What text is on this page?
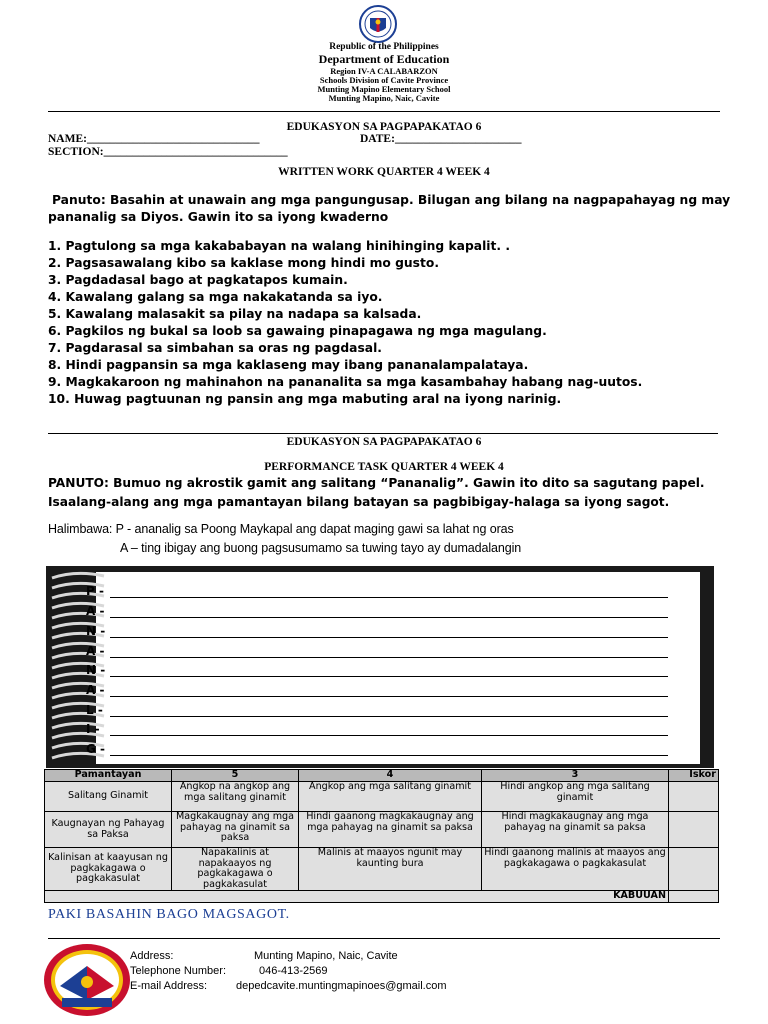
Republic of the Philippines
Department of Education
Region IV-A CALABARZON
Schools Division of Cavite Province
Munting Mapino Elementary School
Munting Mapino, Naic, Cavite
EDUKASYON SA PAGPAPAKATAO 6
NAME:______________________________	DATE:______________________
SECTION:________________________________
WRITTEN WORK QUARTER 4 WEEK 4
Panuto: Basahin at unawain ang mga pangungusap. Bilugan ang bilang na nagpapahayag ng may
pananalig sa Diyos. Gawin ito sa iyong kwaderno
1. Pagtulong sa mga kakababayan na walang hinihinging kapalit. .
2. Pagsasawalang kibo sa kaklase mong hindi mo gusto.
3. Pagdadasal bago at pagkatapos kumain.
4. Kawalang galang sa mga nakakatanda sa iyo.
5. Kawalang malasakit sa pilay na nadapa sa kalsada.
6. Pagkilos ng bukal sa loob sa gawaing pinapagawa ng mga magulang.
7. Pagdarasal sa simbahan sa oras ng pagdasal.
8. Hindi pagpansin sa mga kaklaseng may ibang pananalampalataya.
9. Magkakaroon ng mahinahon na pananalita sa mga kasambahay habang nag-uutos.
10. Huwag pagtuunan ng pansin ang mga mabuting aral na iyong narinig.
EDUKASYON SA PAGPAPAKATAO 6
PERFORMANCE TASK QUARTER 4 WEEK 4
PANUTO: Bumuo ng akrostik gamit ang salitang “Pananalig”. Gawin ito dito sa sagutang papel.
Isaalang-alang ang mga pamantayan bilang batayan sa pagbibigay-halaga sa iyong sagot.
Halimbawa: P - ananalig sa Poong Maykapal ang dapat maging gawi sa lahat ng oras
A – ting ibigay ang buong pagsusumamo sa tuwing tayo ay dumadalangin
P -
A -
N -
A -
N -
A -
L -
I -
G -
Pamantayan	5	4	3	Iskor
Salitang Ginamit	Angkop na angkop ang mga salitang ginamit	Angkop ang mga salitang ginamit	Hindi angkop ang mga salitang ginamit	
Kaugnayan ng Pahayag sa Paksa	Magkakaugnay ang mga pahayag na ginamit sa paksa	Hindi gaanong magkakaugnay ang mga pahayag na ginamit sa paksa	Hindi magkakaugnay ang mga pahayag na ginamit sa paksa	
Kalinisan at kaayusan ng pagkakagawa o pagkakasulat	Napakalinis at napakaayos ng pagkakagawa o pagkakasulat	Malinis at maayos ngunit may kaunting bura	Hindi gaanong malinis at maayos ang pagkakagawa o pagkakasulat	
KABUUAN				
PAKI BASAHIN BAGO MAGSAGOT.
Address:	Munting Mapino, Naic, Cavite
Telephone Number:	046-413-2569
E-mail Address:	depedcavite.muntingmapinoes@gmail.com
